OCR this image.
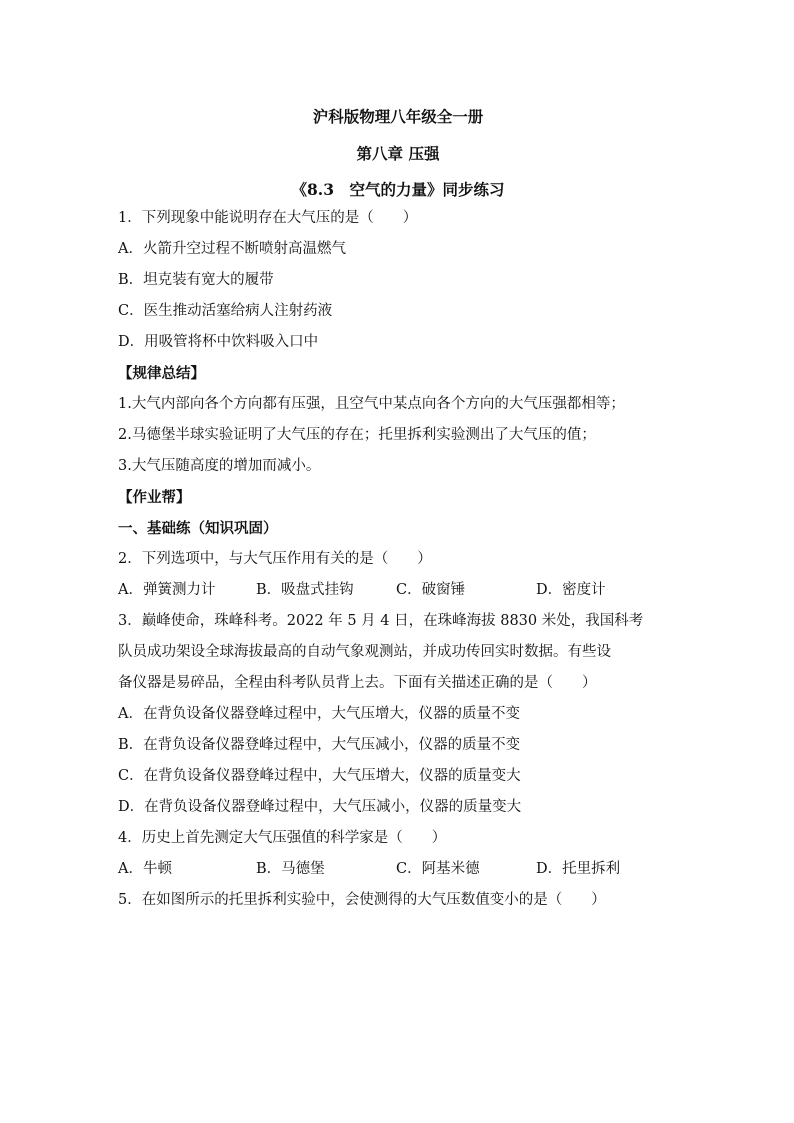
沪科版物理八年级全一册
第八章 压强
《8.3　空气的力量》同步练习
1．下列现象中能说明存在大气压的是（　　）
A．火箭升空过程不断喷射高温燃气
B．坦克装有宽大的履带
C．医生推动活塞给病人注射药液
D．用吸管将杯中饮料吸入口中
【规律总结】
1.大气内部向各个方向都有压强，且空气中某点向各个方向的大气压强都相等；
2.马德堡半球实验证明了大气压的存在；托里拆利实验测出了大气压的值；
3.大气压随高度的增加而减小。
【作业帮】
一、基础练（知识巩固）
2．下列选项中，与大气压作用有关的是（　　）
A．弹簧测力计	B．吸盘式挂钩	C．破窗锤	D．密度计
3．巅峰使命，珠峰科考。2022 年 5 月 4 日，在珠峰海拔 8830 米处，我国科考
队员成功架设全球海拔最高的自动气象观测站，并成功传回实时数据。有些设
备仪器是易碎品，全程由科考队员背上去。下面有关描述正确的是（　　）
A．在背负设备仪器登峰过程中，大气压增大，仪器的质量不变
B．在背负设备仪器登峰过程中，大气压减小，仪器的质量不变
C．在背负设备仪器登峰过程中，大气压增大，仪器的质量变大
D．在背负设备仪器登峰过程中，大气压减小，仪器的质量变大
4．历史上首先测定大气压强值的科学家是（　　）
A．牛顿	B．马德堡	C．阿基米德	D．托里拆利
5．在如图所示的托里拆利实验中，会使测得的大气压数值变小的是（　　）
